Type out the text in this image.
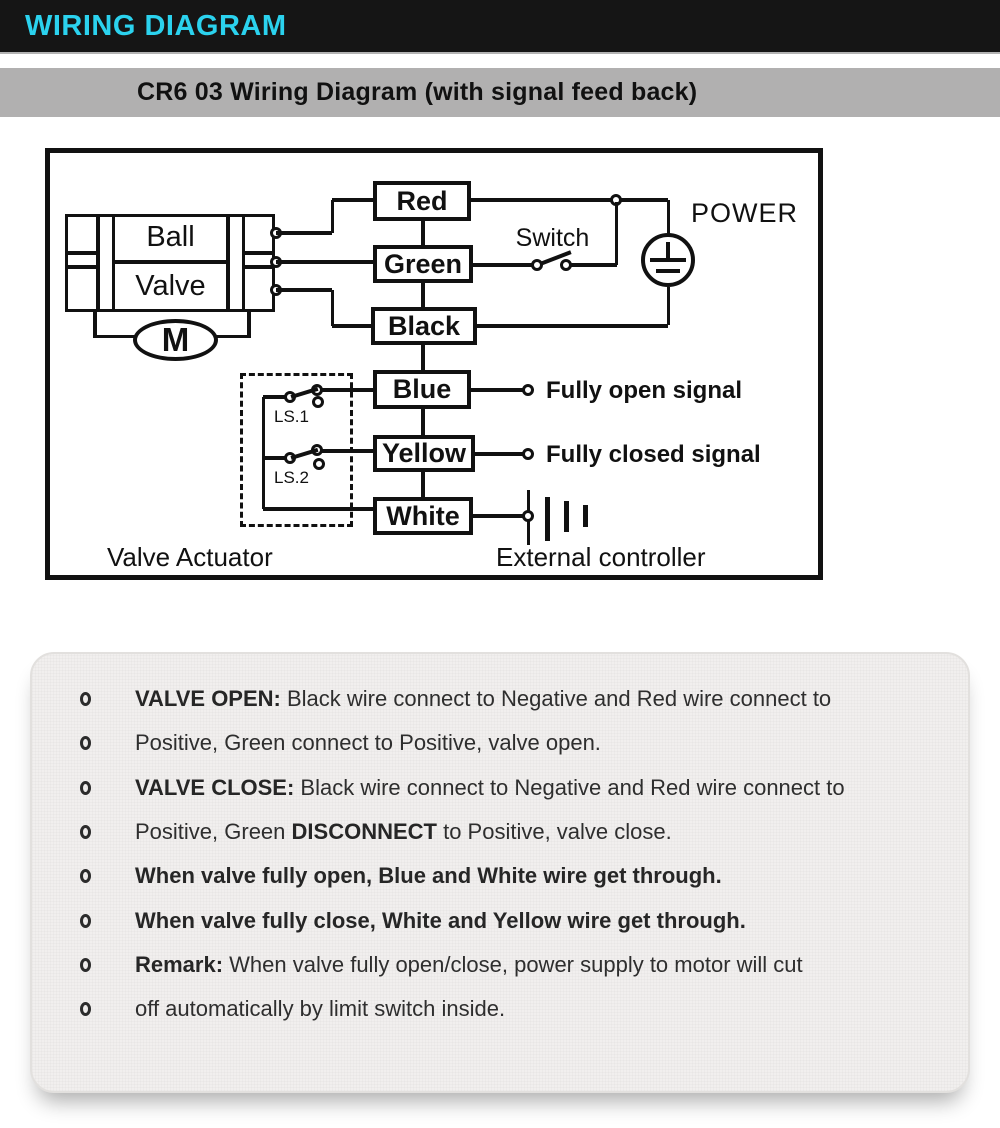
WIRING DIAGRAM
CR6 03 Wiring Diagram (with signal feed back)
Ball
Valve
M
Red
Green
Black
Blue
Yellow
White
Switch
POWER
Fully open signal
Fully closed signal
LS.1
LS.2
Valve Actuator	External controller

VALVE OPEN: Black wire connect to Negative and Red wire connect to

Positive, Green connect to Positive, valve open.

VALVE CLOSE: Black wire connect to Negative and Red wire connect to

Positive, Green DISCONNECT to Positive, valve close.

When valve fully open, Blue and White wire get through.

When valve fully close, White and Yellow wire get through.

Remark: When valve fully open/close, power supply to motor will cut

off automatically by limit switch inside.
